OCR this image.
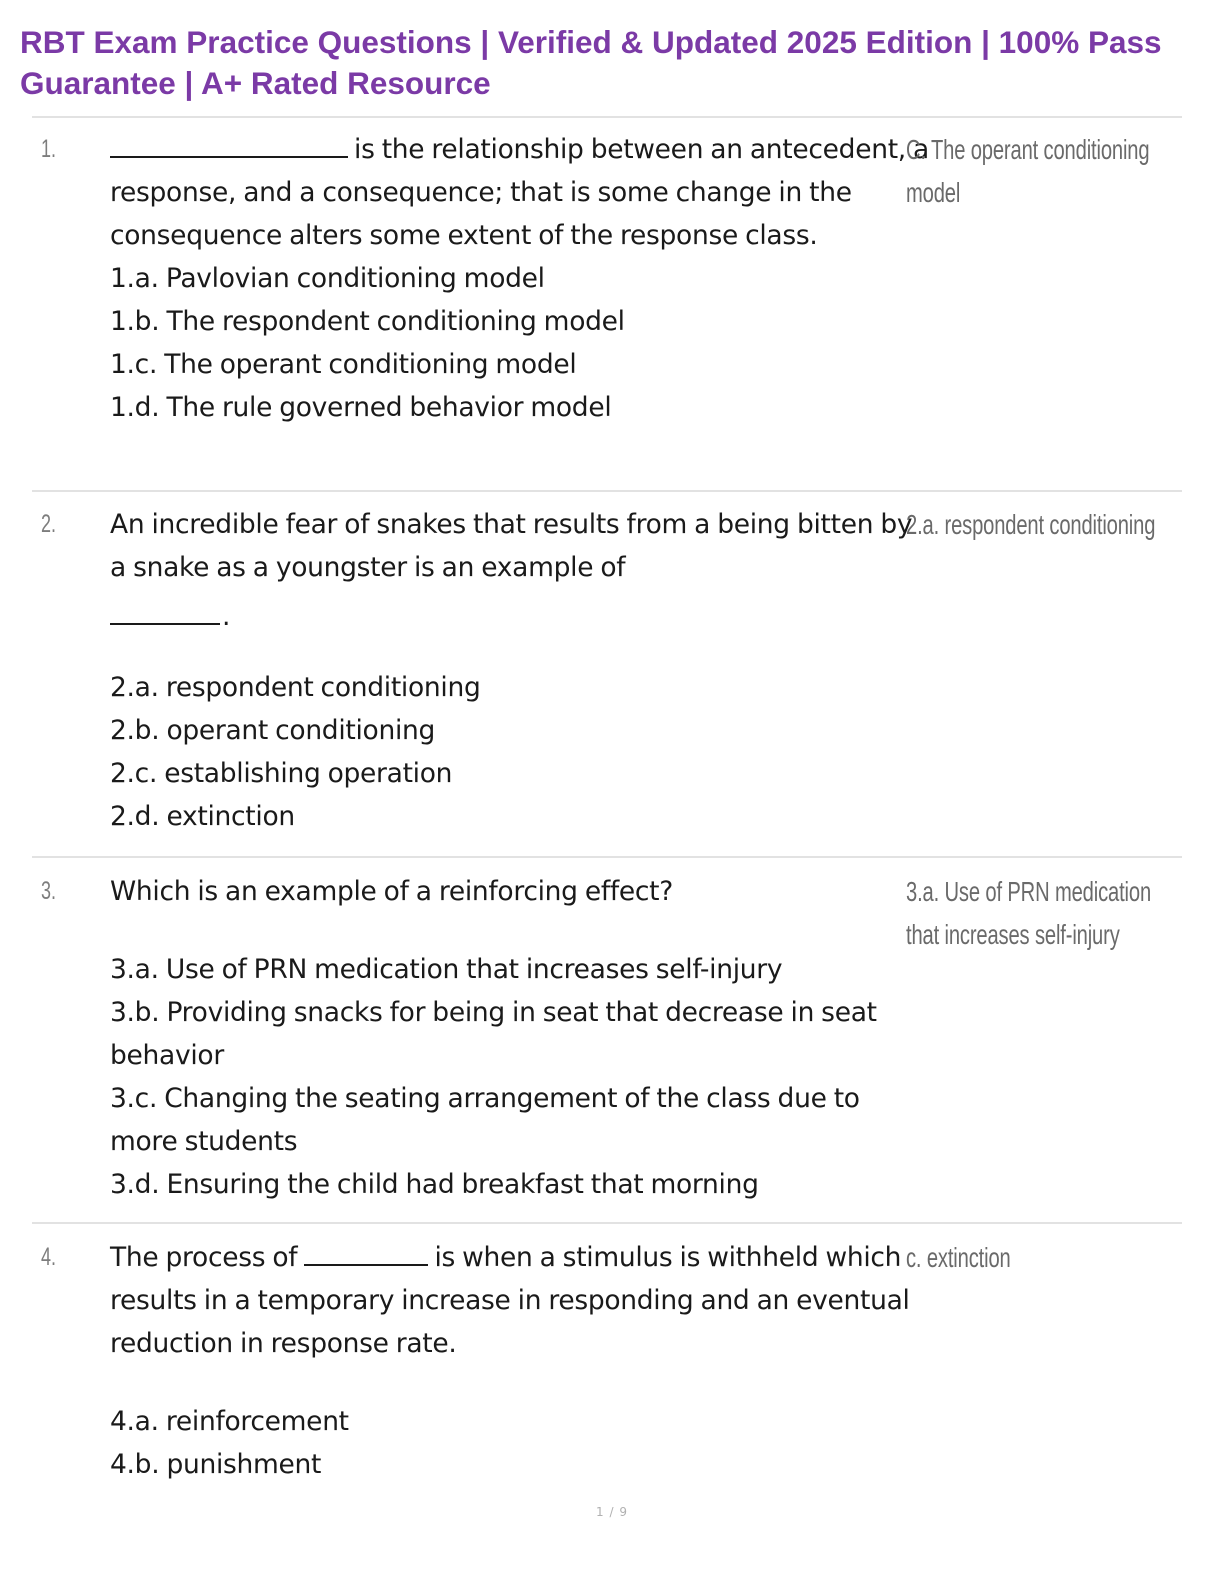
RBT Exam Practice Questions | Verified & Updated 2025 Edition | 100% Pass Guarantee | A+ Rated Resource
1.	is the relationship between an antecedent, a response, and a consequence; that is some change in the consequence alters some extent of the response class.
1.a. Pavlovian conditioning model
1.b. The respondent conditioning model
1.c. The operant conditioning model
1.d. The rule governed behavior model
C. The operant conditioning model
2. An incredible fear of snakes that results from a being bitten by a snake as a youngster is an example of
.
2.a. respondent conditioning
2.b. operant conditioning
2.c. establishing operation
2.d. extinction
2.a. respondent conditioning
3. Which is an example of a reinforcing effect?
3.a. Use of PRN medication that increases self-injury
3.b. Providing snacks for being in seat that decrease in seat behavior
3.c. Changing the seating arrangement of the class due to more students
3.d. Ensuring the child had breakfast that morning
3.a. Use of PRN medication that increases self-injury
4. The process of	is when a stimulus is withheld which results in a temporary increase in responding and an eventual reduction in response rate.
4.a. reinforcement
4.b. punishment
c. extinction
1 / 9
